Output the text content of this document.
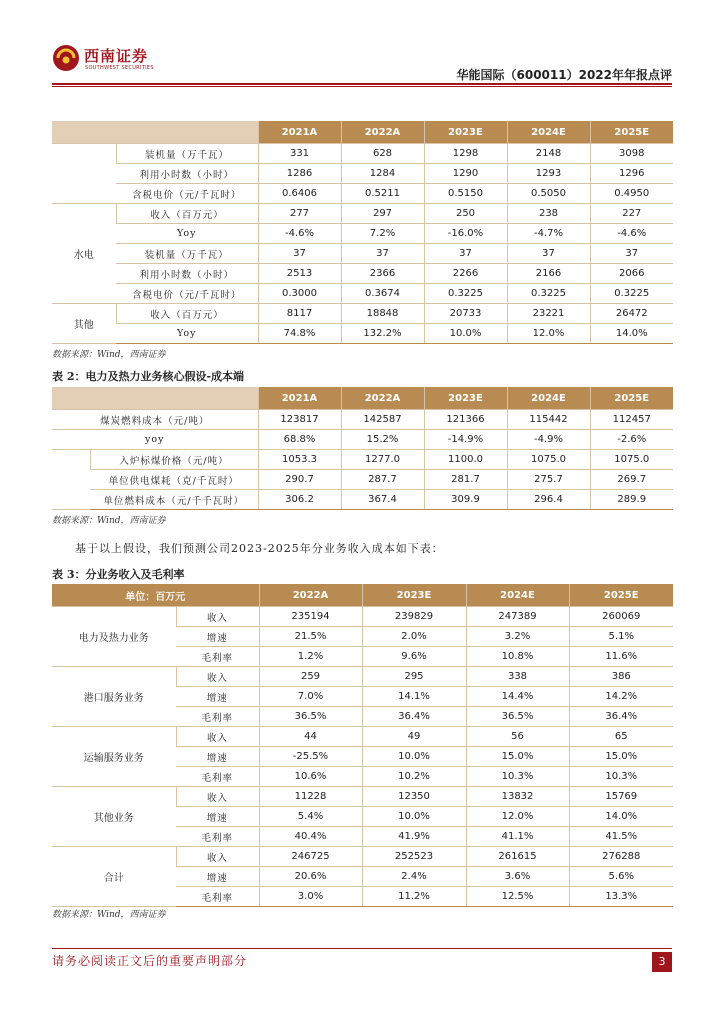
西南证券
SOUTHWEST SECURITIES	华能国际（600011）2022年年报点评
		2021A	2022A	2023E	2024E	2025E
	装机量（万千瓦）	331	628	1298	2148	3098
	利用小时数（小时）	1286	1284	1290	1293	1296
	含税电价（元/千瓦时）	0.6406	0.5211	0.5150	0.5050	0.4950
水电	收入（百万元）	277	297	250	238	227
	Yoy	-4.6%	7.2%	-16.0%	-4.7%	-4.6%
	装机量（万千瓦）	37	37	37	37	37
	利用小时数（小时）	2513	2366	2266	2166	2066
	含税电价（元/千瓦时）	0.3000	0.3674	0.3225	0.3225	0.3225
其他	收入（百万元）	8117	18848	20733	23221	26472
	Yoy	74.8%	132.2%	10.0%	12.0%	14.0%
数据来源：Wind，西南证券
表 2：电力及热力业务核心假设-成本端
		2021A	2022A	2023E	2024E	2025E
煤炭燃料成本（元/吨）		123817	142587	121366	115442	112457
yoy		68.8%	15.2%	-14.9%	-4.9%	-2.6%
	入炉标煤价格（元/吨）	1053.3	1277.0	1100.0	1075.0	1075.0
	单位供电煤耗（克/千瓦时）	290.7	287.7	281.7	275.7	269.7
	单位燃料成本（元/千千瓦时）	306.2	367.4	309.9	296.4	289.9
数据来源：Wind，西南证券
基于以上假设，我们预测公司2023-2025年分业务收入成本如下表：
表 3：分业务收入及毛利率
单位：百万元		2022A	2023E	2024E	2025E
电力及热力业务	收入	235194	239829	247389	260069
	增速	21.5%	2.0%	3.2%	5.1%
	毛利率	1.2%	9.6%	10.8%	11.6%
港口服务业务	收入	259	295	338	386
	增速	7.0%	14.1%	14.4%	14.2%
	毛利率	36.5%	36.4%	36.5%	36.4%
运输服务业务	收入	44	49	56	65
	增速	-25.5%	10.0%	15.0%	15.0%
	毛利率	10.6%	10.2%	10.3%	10.3%
其他业务	收入	11228	12350	13832	15769
	增速	5.4%	10.0%	12.0%	14.0%
	毛利率	40.4%	41.9%	41.1%	41.5%
合计	收入	246725	252523	261615	276288
	增速	20.6%	2.4%	3.6%	5.6%
	毛利率	3.0%	11.2%	12.5%	13.3%
数据来源：Wind，西南证券
请务必阅读正文后的重要声明部分	3
